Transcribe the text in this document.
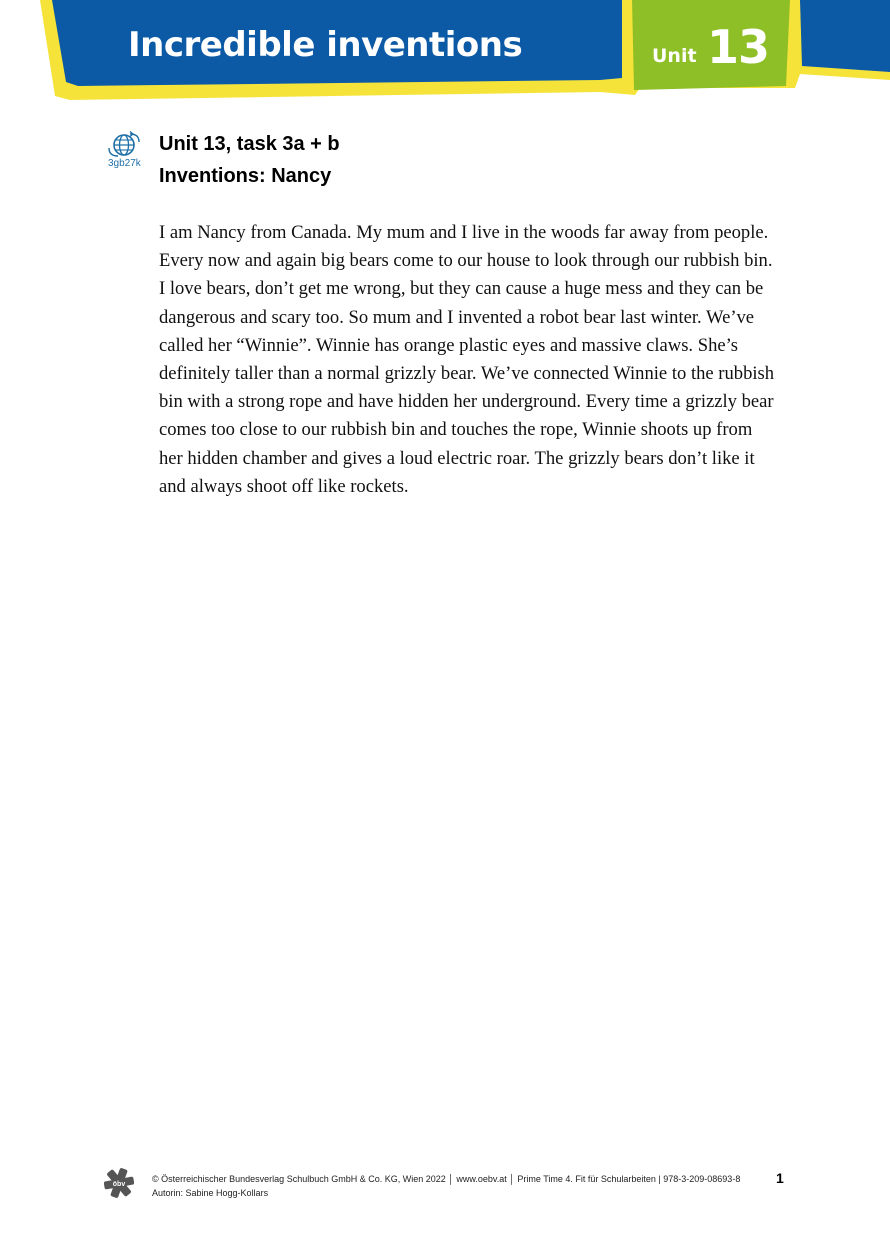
Incredible inventions	Unit 13
3gb27k
Unit 13, task 3a + b
Inventions: Nancy
I am Nancy from Canada. My mum and I live in the woods far away from people.
Every now and again big bears come to our house to look through our rubbish bin.
I love bears, don’t get me wrong, but they can cause a huge mess and they can be
dangerous and scary too. So mum and I invented a robot bear last winter. We’ve
called her “Winnie”. Winnie has orange plastic eyes and massive claws. She’s
definitely taller than a normal grizzly bear. We’ve connected Winnie to the rubbish
bin with a strong rope and have hidden her underground. Every time a grizzly bear
comes too close to our rubbish bin and touches the rope, Winnie shoots up from
her hidden chamber and gives a loud electric roar. The grizzly bears don’t like it
and always shoot off like rockets.
öbv
© Österreichischer Bundesverlag Schulbuch GmbH & Co. KG, Wien 2022 │ www.oebv.at │ Prime Time 4. Fit für Schularbeiten | 978-3-209-08693-8
Autorin: Sabine Hogg-Kollars
1
